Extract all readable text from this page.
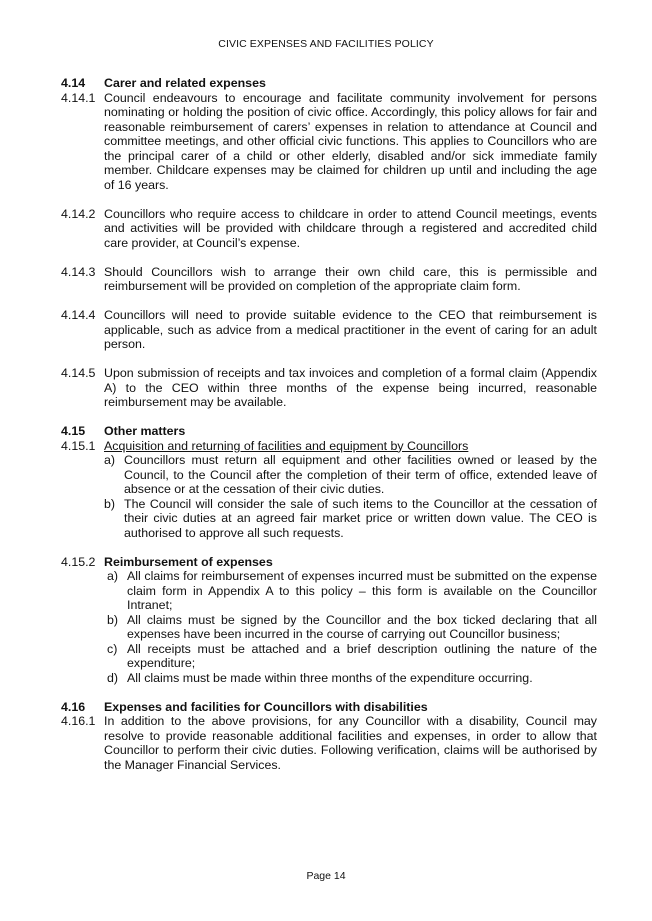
CIVIC EXPENSES AND FACILITIES POLICY
4.14	Carer and related expenses
4.14.1 Council endeavours to encourage and facilitate community involvement for persons nominating or holding the position of civic office. Accordingly, this policy allows for fair and reasonable reimbursement of carers’ expenses in relation to attendance at Council and committee meetings, and other official civic functions. This applies to Councillors who are the principal carer of a child or other elderly, disabled and/or sick immediate family member. Childcare expenses may be claimed for children up until and including the age of 16 years.
4.14.2 Councillors who require access to childcare in order to attend Council meetings, events and activities will be provided with childcare through a registered and accredited child care provider, at Council’s expense.
4.14.3 Should Councillors wish to arrange their own child care, this is permissible and reimbursement will be provided on completion of the appropriate claim form.
4.14.4 Councillors will need to provide suitable evidence to the CEO that reimbursement is applicable, such as advice from a medical practitioner in the event of caring for an adult person.
4.14.5 Upon submission of receipts and tax invoices and completion of a formal claim (Appendix A) to the CEO within three months of the expense being incurred, reasonable reimbursement may be available.
4.15	Other matters
4.15.1 Acquisition and returning of facilities and equipment by Councillors
a) Councillors must return all equipment and other facilities owned or leased by the Council, to the Council after the completion of their term of office, extended leave of absence or at the cessation of their civic duties.
b) The Council will consider the sale of such items to the Councillor at the cessation of their civic duties at an agreed fair market price or written down value. The CEO is authorised to approve all such requests.
4.15.2 Reimbursement of expenses
a) All claims for reimbursement of expenses incurred must be submitted on the expense claim form in Appendix A to this policy – this form is available on the Councillor Intranet;
b) All claims must be signed by the Councillor and the box ticked declaring that all expenses have been incurred in the course of carrying out Councillor business;
c) All receipts must be attached and a brief description outlining the nature of the expenditure;
d) All claims must be made within three months of the expenditure occurring.
4.16	Expenses and facilities for Councillors with disabilities
4.16.1 In addition to the above provisions, for any Councillor with a disability, Council may resolve to provide reasonable additional facilities and expenses, in order to allow that Councillor to perform their civic duties. Following verification, claims will be authorised by the Manager Financial Services.
Page 14
